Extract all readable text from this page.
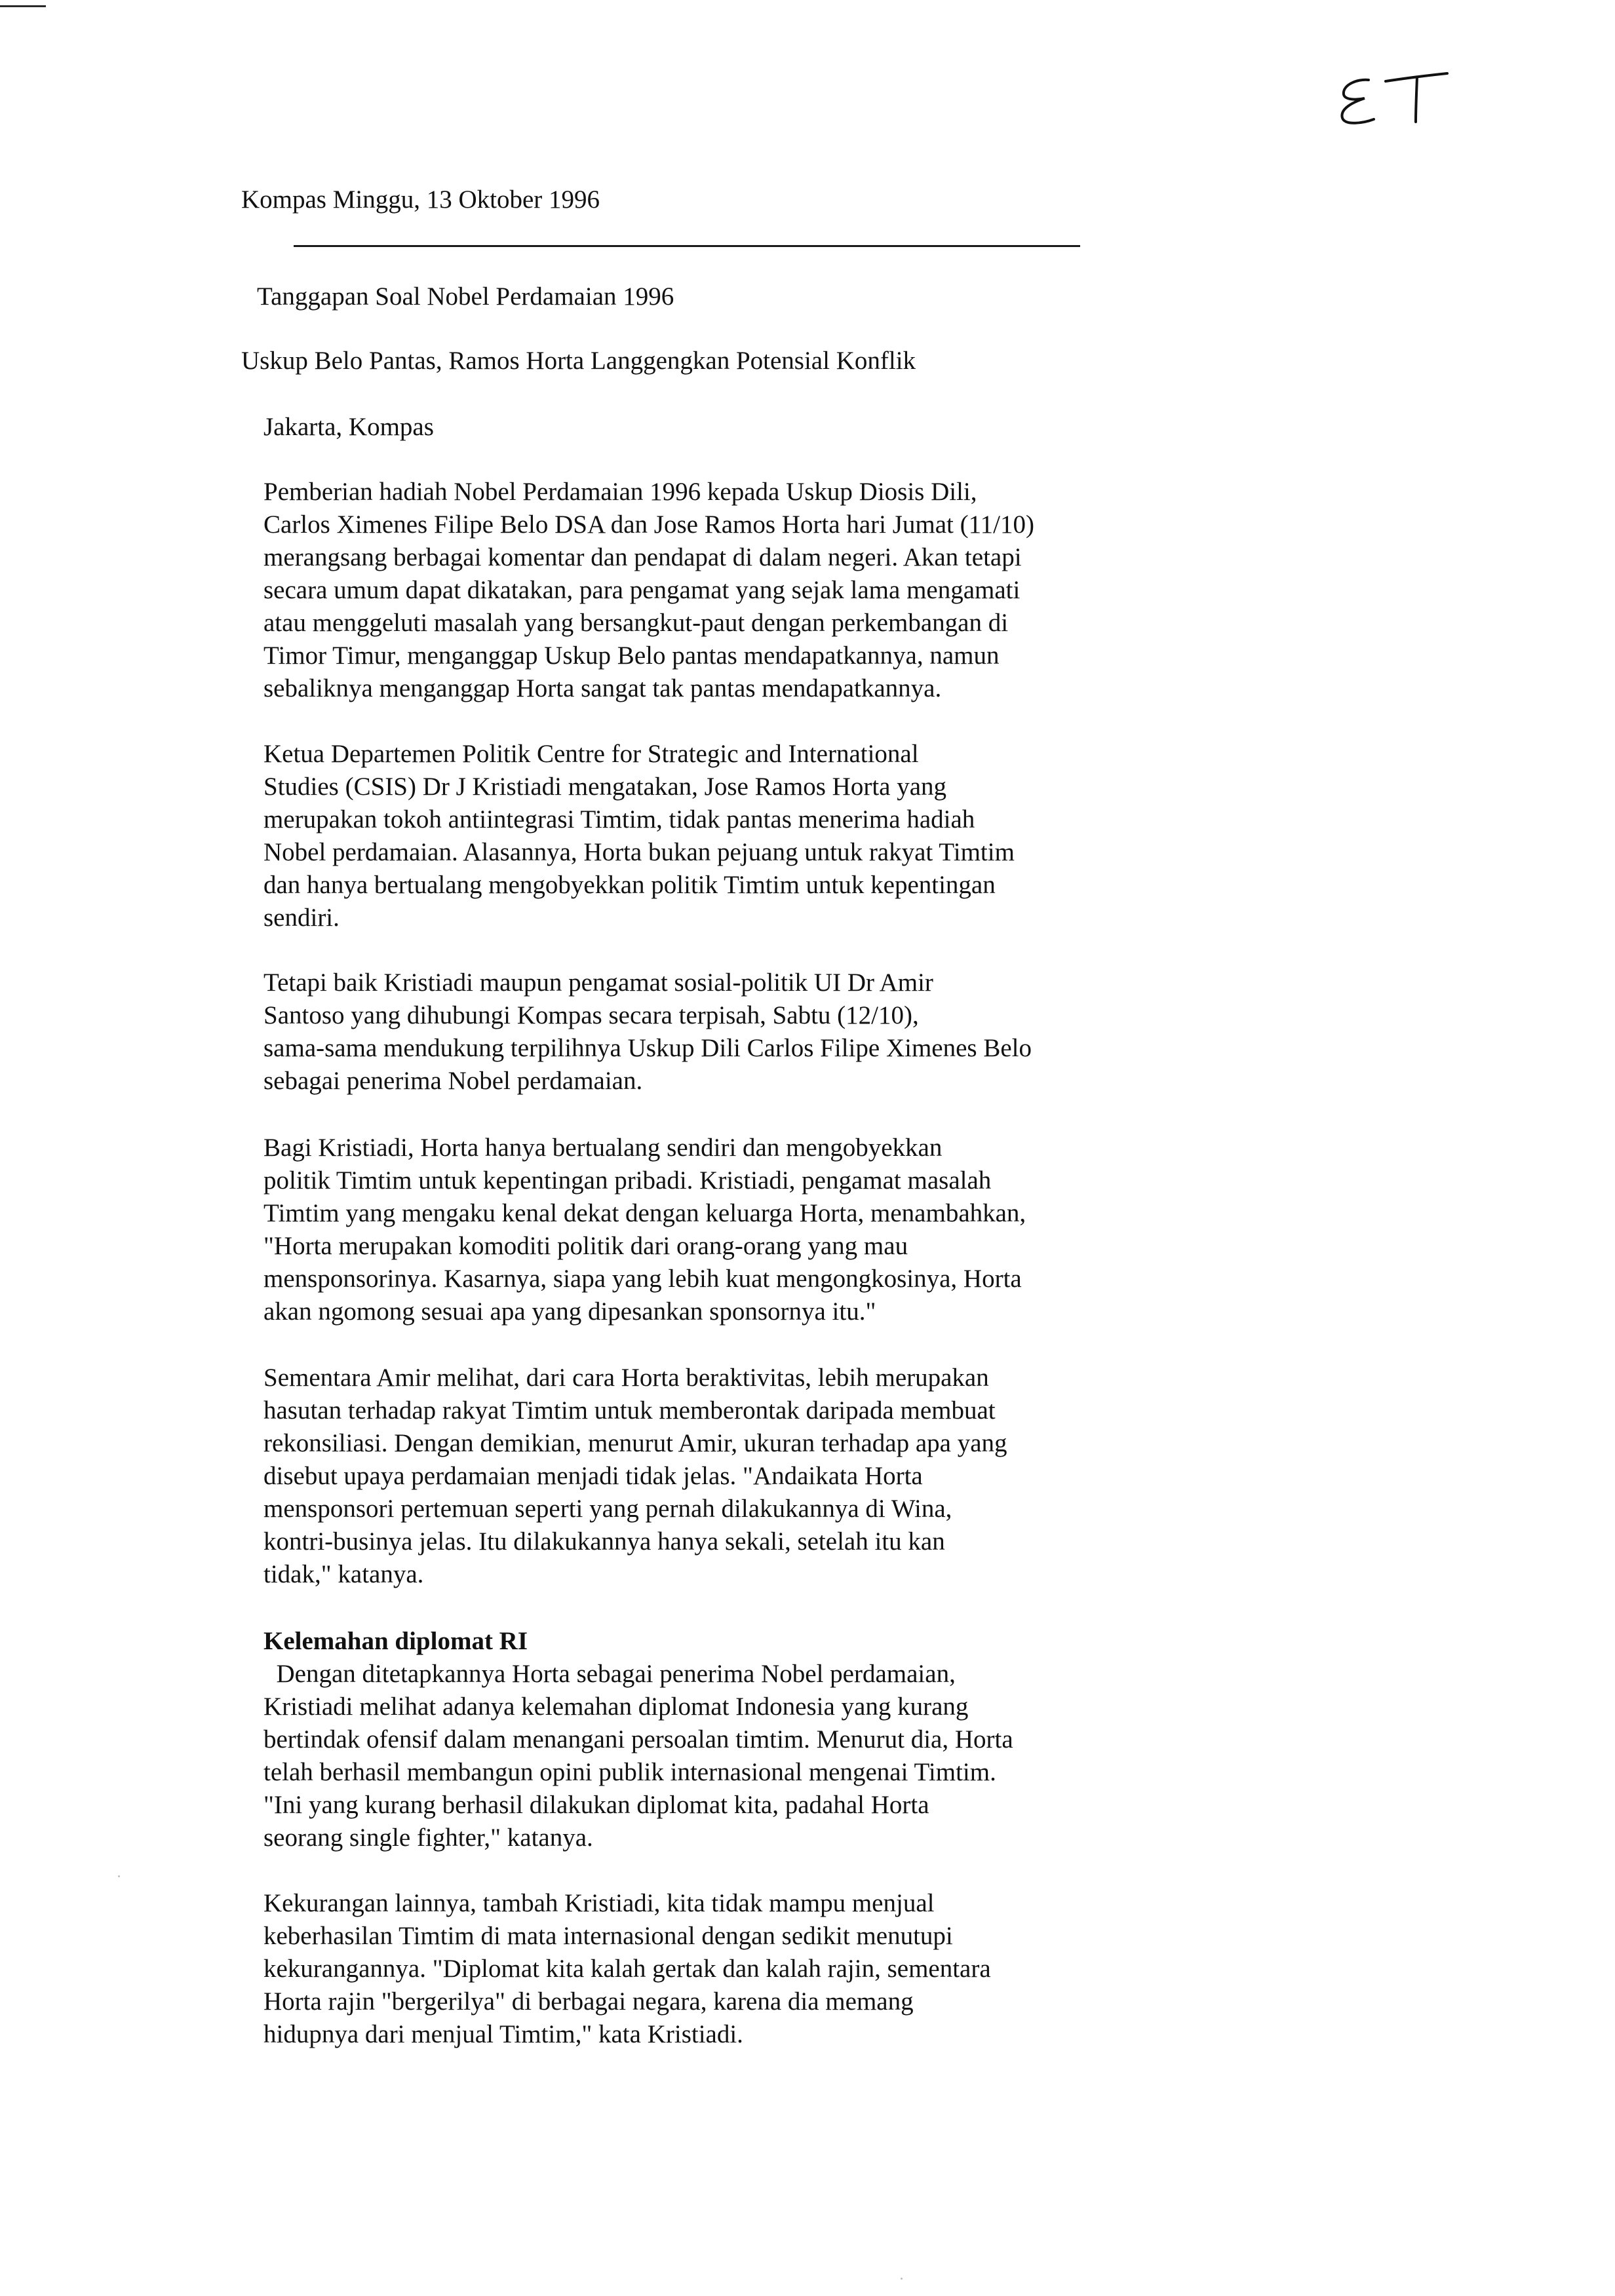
Kompas Minggu, 13 Oktober 1996
Tanggapan Soal Nobel Perdamaian 1996
Uskup Belo Pantas, Ramos Horta Langgengkan Potensial Konflik
Jakarta, Kompas
Pemberian hadiah Nobel Perdamaian 1996 kepada Uskup Diosis Dili,
Carlos Ximenes Filipe Belo DSA dan Jose Ramos Horta hari Jumat (11/10)
merangsang berbagai komentar dan pendapat di dalam negeri. Akan tetapi
secara umum dapat dikatakan, para pengamat yang sejak lama mengamati
atau menggeluti masalah yang bersangkut-paut dengan perkembangan di
Timor Timur, menganggap Uskup Belo pantas mendapatkannya, namun
sebaliknya menganggap Horta sangat tak pantas mendapatkannya.
Ketua Departemen Politik Centre for Strategic and International
Studies (CSIS) Dr J Kristiadi mengatakan, Jose Ramos Horta yang
merupakan tokoh antiintegrasi Timtim, tidak pantas menerima hadiah
Nobel perdamaian. Alasannya, Horta bukan pejuang untuk rakyat Timtim
dan hanya bertualang mengobyekkan politik Timtim untuk kepentingan
sendiri.
Tetapi baik Kristiadi maupun pengamat sosial-politik UI Dr Amir
Santoso yang dihubungi Kompas secara terpisah, Sabtu (12/10),
sama-sama mendukung terpilihnya Uskup Dili Carlos Filipe Ximenes Belo
sebagai penerima Nobel perdamaian.
Bagi Kristiadi, Horta hanya bertualang sendiri dan mengobyekkan
politik Timtim untuk kepentingan pribadi. Kristiadi, pengamat masalah
Timtim yang mengaku kenal dekat dengan keluarga Horta, menambahkan,
"Horta merupakan komoditi politik dari orang-orang yang mau
mensponsorinya. Kasarnya, siapa yang lebih kuat mengongkosinya, Horta
akan ngomong sesuai apa yang dipesankan sponsornya itu."
Sementara Amir melihat, dari cara Horta beraktivitas, lebih merupakan
hasutan terhadap rakyat Timtim untuk memberontak daripada membuat
rekonsiliasi. Dengan demikian, menurut Amir, ukuran terhadap apa yang
disebut upaya perdamaian menjadi tidak jelas. "Andaikata Horta
mensponsori pertemuan seperti yang pernah dilakukannya di Wina,
kontri-businya jelas. Itu dilakukannya hanya sekali, setelah itu kan
tidak," katanya.
Kelemahan diplomat RI
Dengan ditetapkannya Horta sebagai penerima Nobel perdamaian,
Kristiadi melihat adanya kelemahan diplomat Indonesia yang kurang
bertindak ofensif dalam menangani persoalan timtim. Menurut dia, Horta
telah berhasil membangun opini publik internasional mengenai Timtim.
"Ini yang kurang berhasil dilakukan diplomat kita, padahal Horta
seorang single fighter," katanya.
Kekurangan lainnya, tambah Kristiadi, kita tidak mampu menjual
keberhasilan Timtim di mata internasional dengan sedikit menutupi
kekurangannya. "Diplomat kita kalah gertak dan kalah rajin, sementara
Horta rajin "bergerilya" di berbagai negara, karena dia memang
hidupnya dari menjual Timtim," kata Kristiadi.
